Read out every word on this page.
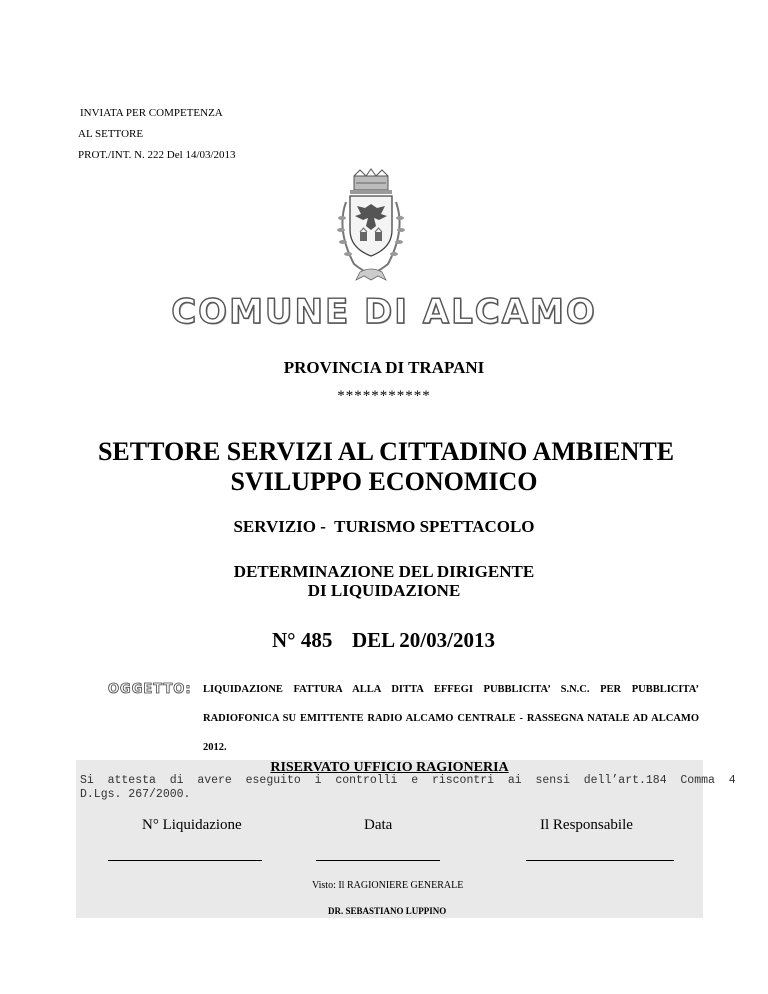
INVIATA PER COMPETENZA
AL SETTORE
PROT./INT. N. 222 Del 14/03/2013
COMUNE DI ALCAMO
PROVINCIA DI TRAPANI
***********
SETTORE SERVIZI AL CITTADINO AMBIENTE
SVILUPPO ECONOMICO
SERVIZIO -  TURISMO SPETTACOLO
DETERMINAZIONE DEL DIRIGENTE
DI LIQUIDAZIONE
N° 485 DEL 20/03/2013
OGGETTO: LIQUIDAZIONE FATTURA ALLA DITTA EFFEGI PUBBLICITA’ S.N.C. PER PUBBLICITA’ RADIOFONICA SU EMITTENTE RADIO ALCAMO CENTRALE - RASSEGNA NATALE AD ALCAMO 2012.
RISERVATO UFFICIO RAGIONERIA
Si  attesta  di  avere  eseguito  i  controlli  e  riscontri  ai  sensi  dell’art.184  Comma  4
D.Lgs. 267/2000.
N° Liquidazione	Data	Il Responsabile
Visto: Il RAGIONIERE GENERALE
DR. SEBASTIANO LUPPINO
